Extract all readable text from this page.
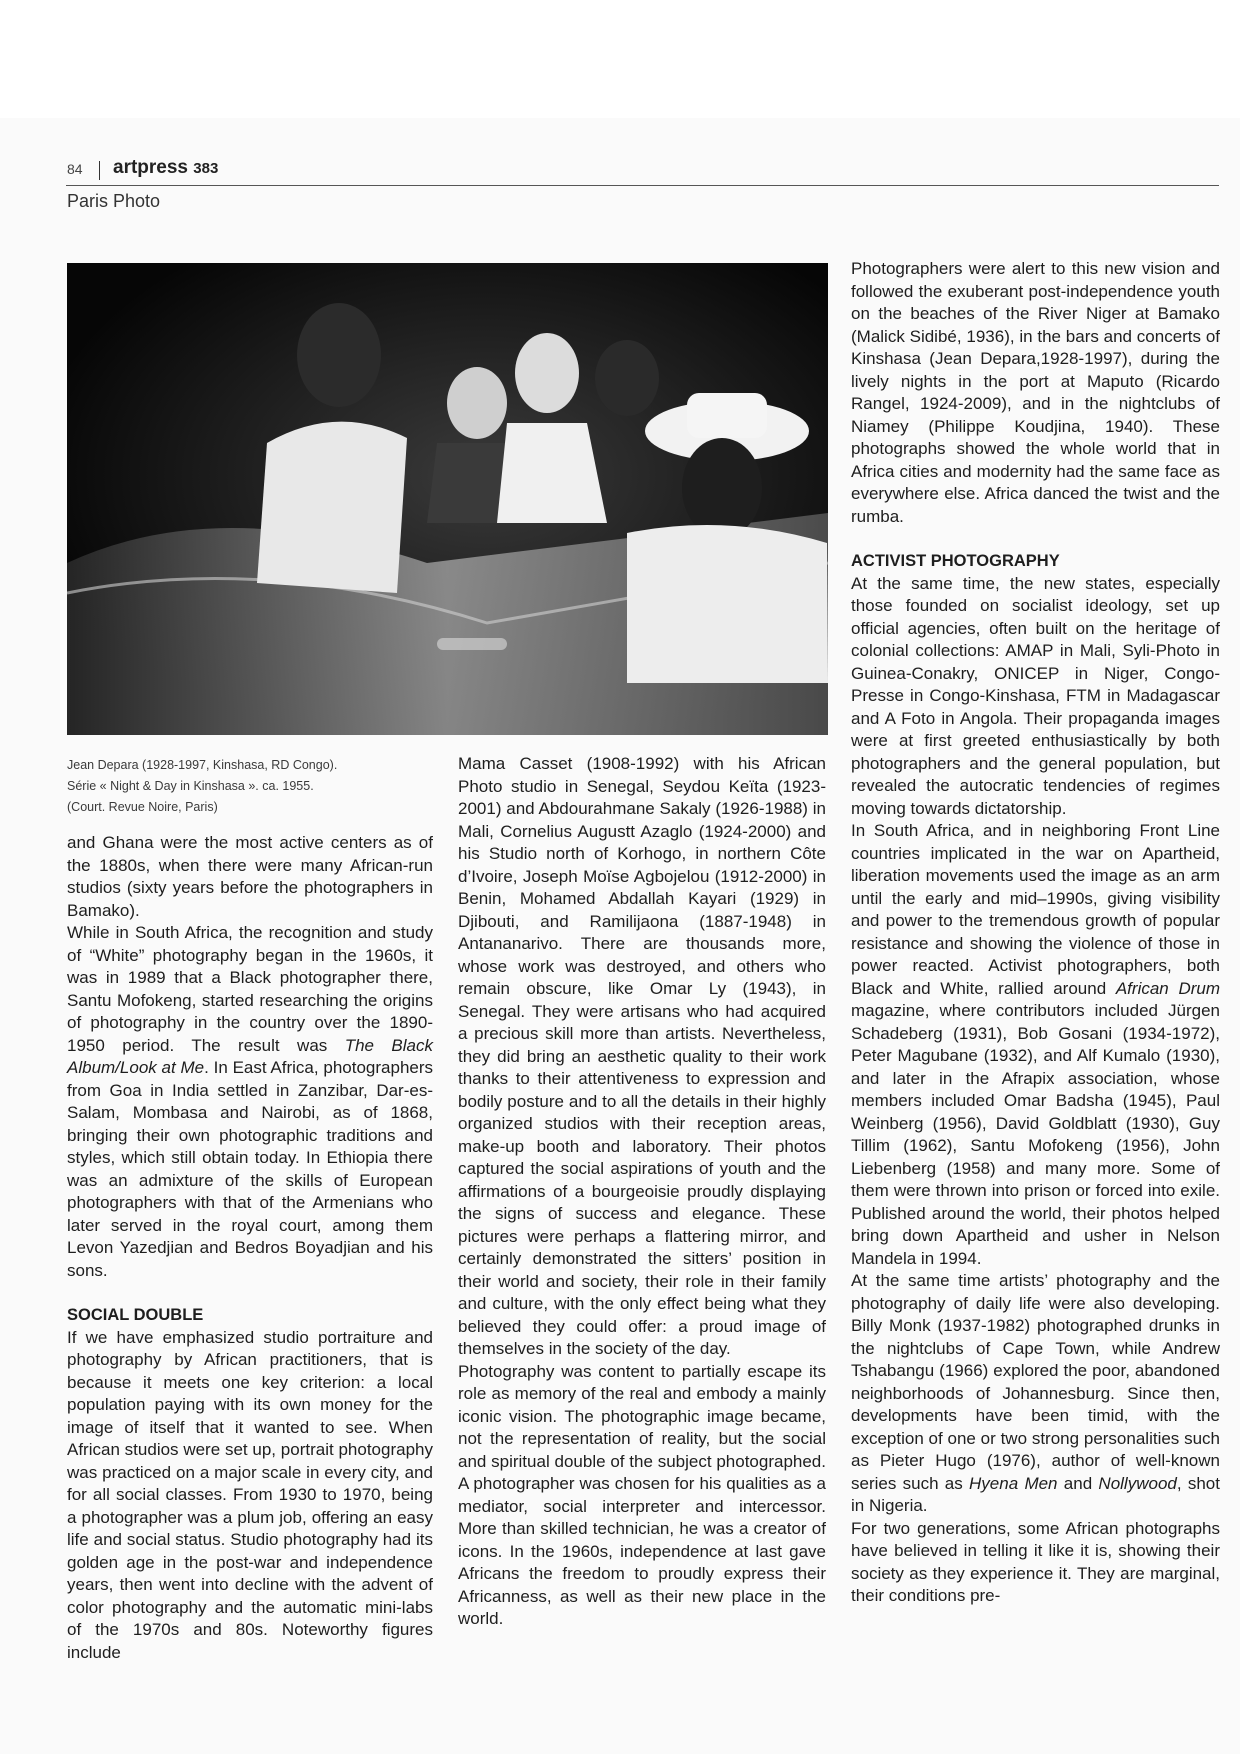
84 artpress 383
Paris Photo
Jean Depara (1928-1997, Kinshasa, RD Congo).
Série « Night & Day in Kinshasa ». ca. 1955.
(Court. Revue Noire, Paris)

and Ghana were the most active centers as of the 1880s, when there were many African-run studios (sixty years before the photographers in Bamako).

While in South Africa, the recognition and study of “White” photography began in the 1960s, it was in 1989 that a Black photographer there, Santu Mofokeng, started researching the origins of photography in the country over the 1890-1950 period. The result was The Black Album/Look at Me. In East Africa, photographers from Goa in India settled in Zanzibar, Dar-es-Salam, Mombasa and Nairobi, as of 1868, bringing their own photographic traditions and styles, which still obtain today. In Ethiopia there was an admixture of the skills of European photographers with that of the Armenians who later served in the royal court, among them Levon Yazedjian and Bedros Boyadjian and his sons.

SOCIAL DOUBLE

If we have emphasized studio portraiture and photography by African practitioners, that is because it meets one key criterion: a local population paying with its own money for the image of itself that it wanted to see. When African studios were set up, portrait photography was practiced on a major scale in every city, and for all social classes. From 1930 to 1970, being a photographer was a plum job, offering an easy life and social status. Studio photography had its golden age in the post-war and independence years, then went into decline with the advent of color photography and the automatic mini-labs of the 1970s and 80s. Noteworthy figures include

Mama Casset (1908-1992) with his African Photo studio in Senegal, Seydou Keïta (1923-2001) and Abdourahmane Sakaly (1926-1988) in Mali, Cornelius Augustt Azaglo (1924-2000) and his Studio north of Korhogo, in northern Côte d’Ivoire, Joseph Moïse Agbojelou (1912-2000) in Benin, Mohamed Abdallah Kayari (1929) in Djibouti, and Ramilijaona (1887-1948) in Antananarivo. There are thousands more, whose work was destroyed, and others who remain obscure, like Omar Ly (1943), in Senegal. They were artisans who had acquired a precious skill more than artists. Nevertheless, they did bring an aesthetic quality to their work thanks to their attentiveness to expression and bodily posture and to all the details in their highly organized studios with their reception areas, make-up booth and laboratory. Their photos captured the social aspirations of youth and the affirmations of a bourgeoisie proudly displaying the signs of success and elegance. These pictures were perhaps a flattering mirror, and certainly demonstrated the sitters’ position in their world and society, their role in their family and culture, with the only effect being what they believed they could offer: a proud image of themselves in the society of the day.

Photography was content to partially escape its role as memory of the real and embody a mainly iconic vision. The photographic image became, not the representation of reality, but the social and spiritual double of the subject photographed. A photographer was chosen for his qualities as a mediator, social interpreter and intercessor. More than skilled technician, he was a creator of icons. In the 1960s, independence at last gave Africans the freedom to proudly express their Africanness, as well as their new place in the world.

Photographers were alert to this new vision and followed the exuberant post-independence youth on the beaches of the River Niger at Bamako (Malick Sidibé, 1936), in the bars and concerts of Kinshasa (Jean Depara,1928-1997), during the lively nights in the port at Maputo (Ricardo Rangel, 1924-2009), and in the nightclubs of Niamey (Philippe Koudjina, 1940). These photographs showed the whole world that in Africa cities and modernity had the same face as everywhere else. Africa danced the twist and the rumba.

ACTIVIST PHOTOGRAPHY

At the same time, the new states, especially those founded on socialist ideology, set up official agencies, often built on the heritage of colonial collections: AMAP in Mali, Syli-Photo in Guinea-Conakry, ONICEP in Niger, Congo-Presse in Congo-Kinshasa, FTM in Madagascar and A Foto in Angola. Their propaganda images were at first greeted enthusiastically by both photographers and the general population, but revealed the autocratic tendencies of regimes moving towards dictatorship.

In South Africa, and in neighboring Front Line countries implicated in the war on Apartheid, liberation movements used the image as an arm until the early and mid–1990s, giving visibility and power to the tremendous growth of popular resistance and showing the violence of those in power reacted. Activist photographers, both Black and White, rallied around African Drum magazine, where contributors included Jürgen Schadeberg (1931), Bob Gosani (1934-1972), Peter Magubane (1932), and Alf Kumalo (1930), and later in the Afrapix association, whose members included Omar Badsha (1945), Paul Weinberg (1956), David Goldblatt (1930), Guy Tillim (1962), Santu Mofokeng (1956), John Liebenberg (1958) and many more. Some of them were thrown into prison or forced into exile. Published around the world, their photos helped bring down Apartheid and usher in Nelson Mandela in 1994.

At the same time artists’ photography and the photography of daily life were also developing. Billy Monk (1937-1982) photographed drunks in the nightclubs of Cape Town, while Andrew Tshabangu (1966) explored the poor, abandoned neighborhoods of Johannesburg. Since then, developments have been timid, with the exception of one or two strong personalities such as Pieter Hugo (1976), author of well-known series such as Hyena Men and Nollywood, shot in Nigeria.

For two generations, some African photographs have believed in telling it like it is, showing their society as they experience it. They are marginal, their conditions pre-
